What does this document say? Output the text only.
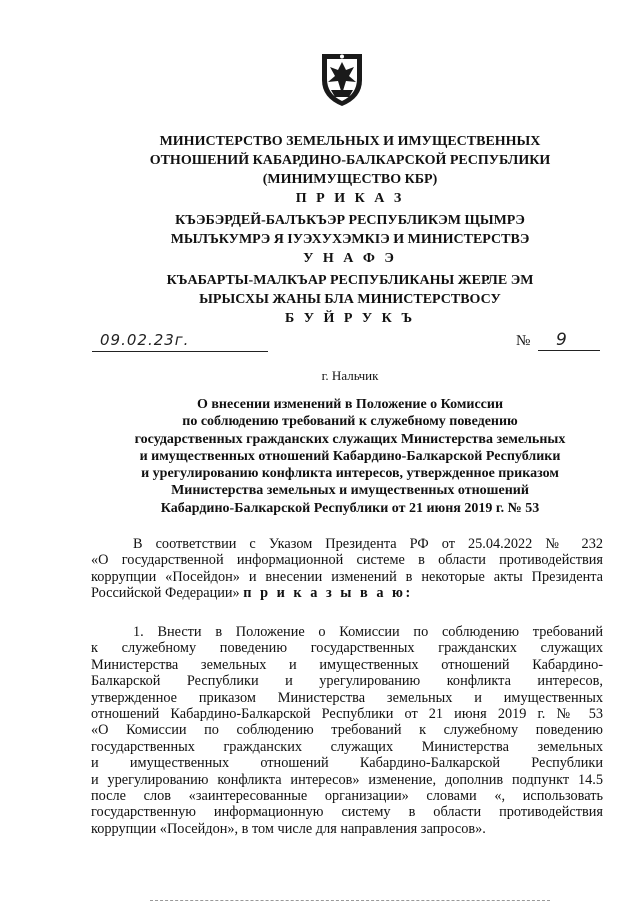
МИНИСТЕРСТВО ЗЕМЕЛЬНЫХ И ИМУЩЕСТВЕННЫХ
ОТНОШЕНИЙ КАБАРДИНО-БАЛКАРСКОЙ РЕСПУБЛИКИ
(МИНИМУЩЕСТВО КБР)
П Р И К А З
КЪЭБЭРДЕЙ-БАЛЪКЪЭР РЕСПУБЛИКЭМ ЩЫМРЭ
МЫЛЪКУМРЭ Я IУЭХУХЭМКIЭ И МИНИСТЕРСТВЭ
У Н А Ф Э
КЪАБАРТЫ-МАЛКЪАР РЕСПУБЛИКАНЫ ЖЕРЛЕ ЭМ
ЫРЫСХЫ ЖАНЫ БЛА МИНИСТЕРСТВОСУ
Б У Й Р У К Ъ
09.02.23г.	№ 9
г. Нальчик
О внесении изменений в Положение о Комиссии
по соблюдению требований к служебному поведению
государственных гражданских служащих Министерства земельных
и имущественных отношений Кабардино-Балкарской Республики
и урегулированию конфликта интересов, утвержденное приказом
Министерства земельных и имущественных отношений
Кабардино-Балкарской Республики от 21 июня 2019 г. № 53
В соответствии с Указом Президента РФ от 25.04.2022 № 232
«О государственной информационной системе в области противодействия
коррупции «Посейдон» и внесении изменений в некоторые акты Президента
Российской Федерации» п р и к а з ы в а ю:
1. Внести в Положение о Комиссии по соблюдению требований
к служебному поведению государственных гражданских служащих
Министерства земельных и имущественных отношений Кабардино-
Балкарской Республики и урегулированию конфликта интересов,
утвержденное приказом Министерства земельных и имущественных
отношений Кабардино-Балкарской Республики от 21 июня 2019 г. № 53
«О Комиссии по соблюдению требований к служебному поведению
государственных гражданских служащих Министерства земельных
и имущественных отношений Кабардино-Балкарской Республики
и урегулированию конфликта интересов» изменение, дополнив подпункт 14.5
после слов «заинтересованные организации» словами «, использовать
государственную информационную систему в области противодействия
коррупции «Посейдон», в том числе для направления запросов».
